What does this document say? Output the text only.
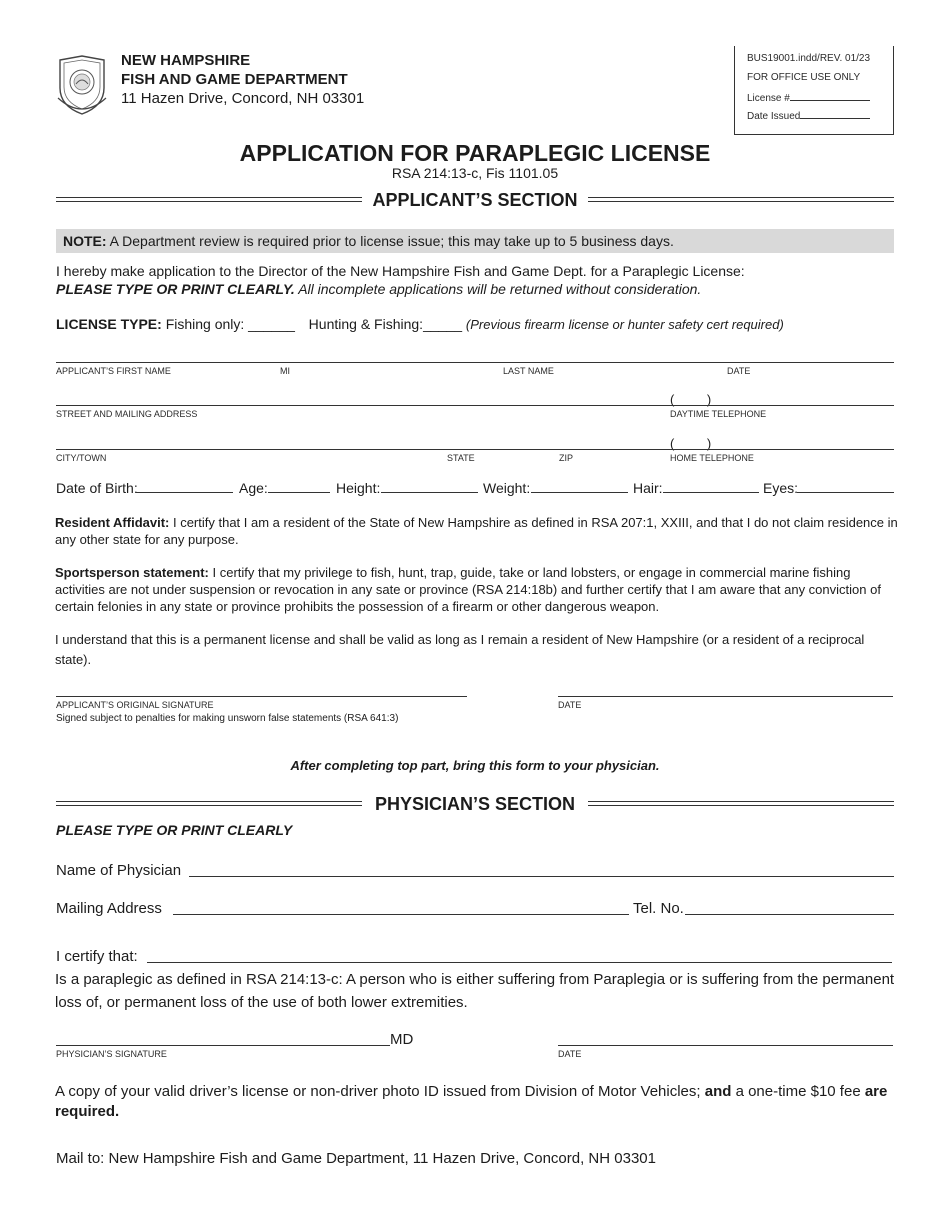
NEW HAMPSHIRE
FISH AND GAME DEPARTMENT
11 Hazen Drive, Concord, NH 03301
BUS19001.indd/REV. 01/23
FOR OFFICE USE ONLY
License #
Date Issued
APPLICATION FOR PARAPLEGIC LICENSE
RSA 214:13-c, Fis 1101.05
APPLICANT’S SECTION
NOTE: A Department review is required prior to license issue; this may take up to 5 business days.
I hereby make application to the Director of the New Hampshire Fish and Game Dept. for a Paraplegic License:
PLEASE TYPE OR PRINT CLEARLY. All incomplete applications will be returned without consideration.
LICENSE TYPE: Fishing only: ______ Hunting & Fishing:_____ (Previous firearm license or hunter safety cert required)
APPLICANT’S FIRST NAME	MI	LAST NAME	DATE
(         )
STREET AND MAILING ADDRESS	DAYTIME TELEPHONE
(         )
CITY/TOWN	STATE	ZIP	HOME TELEPHONE
Date of Birth:	Age:	Height:	Weight:	Hair:	Eyes:
Resident Affidavit: I certify that I am a resident of the State of New Hampshire as defined in RSA 207:1, XXIII, and that I do not claim residence in any other state for any purpose.
Sportsperson statement: I certify that my privilege to fish, hunt, trap, guide, take or land lobsters, or engage in commercial marine fishing activities are not under suspension or revocation in any sate or province (RSA 214:18b) and further certify that I am aware that any conviction of certain felonies in any state or province prohibits the possession of a firearm or other dangerous weapon.
I understand that this is a permanent license and shall be valid as long as I remain a resident of New Hampshire (or a resident of a reciprocal state).
APPLICANT’S ORIGINAL SIGNATURE	DATE
Signed subject to penalties for making unsworn false statements (RSA 641:3)
After completing top part, bring this form to your physician.
PHYSICIAN’S SECTION
PLEASE TYPE OR PRINT CLEARLY
Name of Physician
Mailing Address	Tel. No.
I certify that:
Is a paraplegic as defined in RSA 214:13-c: A person who is either suffering from Paraplegia or is suffering from the permanent loss of, or permanent loss of the use of both lower extremities.
MD
PHYSICIAN’S SIGNATURE	DATE
A copy of your valid driver’s license or non-driver photo ID issued from Division of Motor Vehicles; and a one-time $10 fee are required.
Mail to: New Hampshire Fish and Game Department, 11 Hazen Drive, Concord, NH 03301
